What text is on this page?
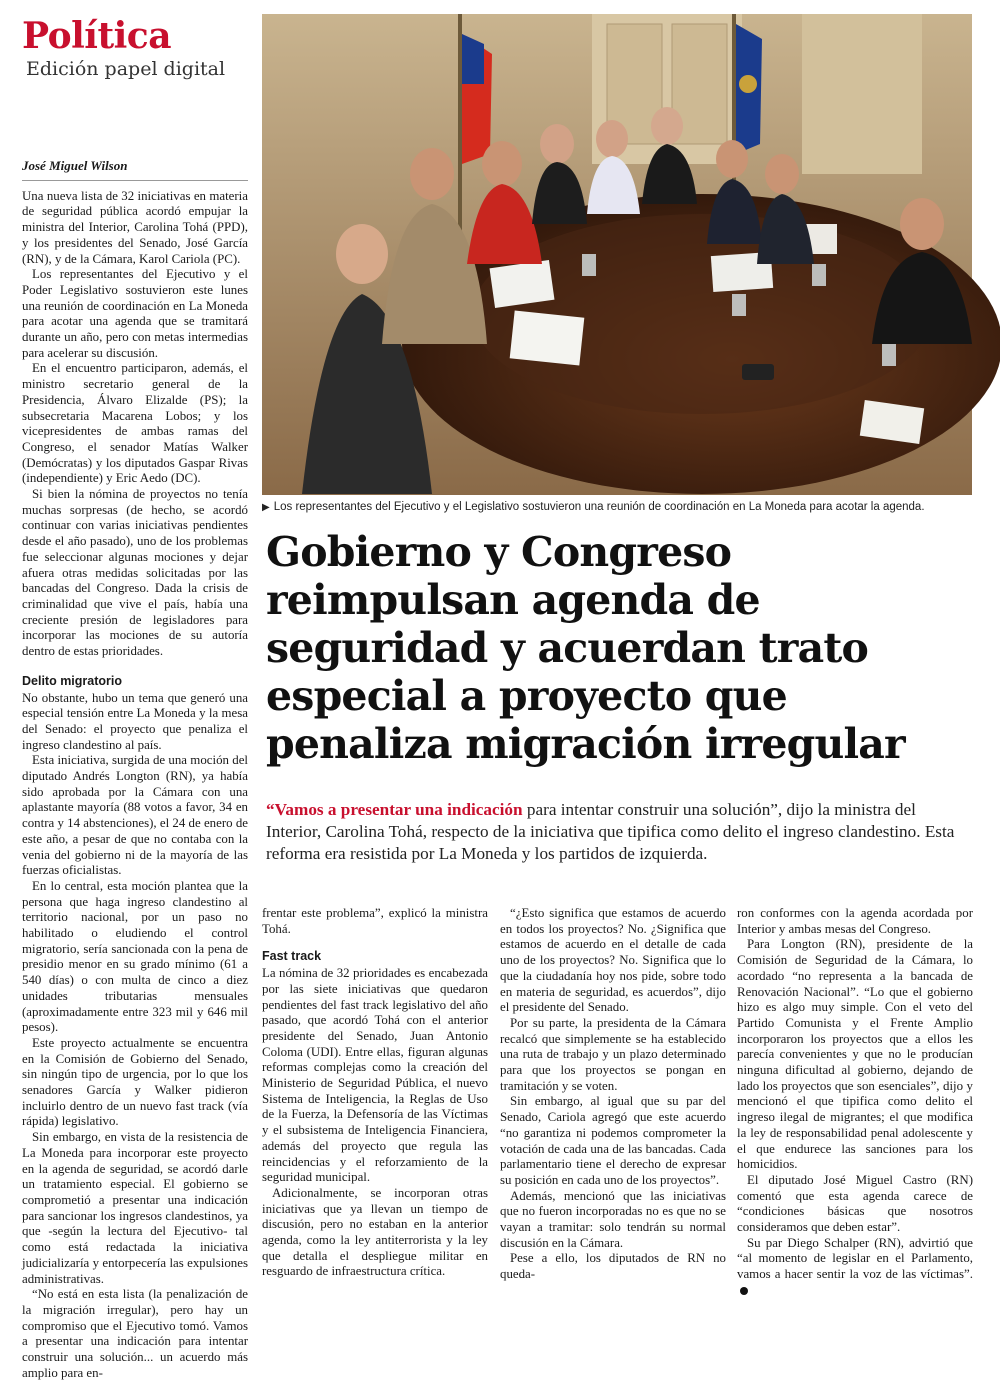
Política
Edición papel digital
José Miguel Wilson

Una nueva lista de 32 iniciativas en materia de seguridad pública acordó empujar la ministra del Interior, Carolina Tohá (PPD), y los presidentes del Senado, José García (RN), y de la Cámara, Karol Cariola (PC).

Los representantes del Ejecutivo y el Poder Legislativo sostuvieron este lunes una reunión de coordinación en La Moneda para acotar una agenda que se tramitará durante un año, pero con metas intermedias para acelerar su discusión.

En el encuentro participaron, además, el ministro secretario general de la Presidencia, Álvaro Elizalde (PS); la subsecretaria Macarena Lobos; y los vicepresidentes de ambas ramas del Congreso, el senador Matías Walker (Demócratas) y los diputados Gaspar Rivas (independiente) y Eric Aedo (DC).

Si bien la nómina de proyectos no tenía muchas sorpresas (de hecho, se acordó continuar con varias iniciativas pendientes desde el año pasado), uno de los problemas fue seleccionar algunas mociones y dejar afuera otras medidas solicitadas por las bancadas del Congreso. Dada la crisis de criminalidad que vive el país, había una creciente presión de legisladores para incorporar las mociones de su autoría dentro de estas prioridades.

Delito migratorio

No obstante, hubo un tema que generó una especial tensión entre La Moneda y la mesa del Senado: el proyecto que penaliza el ingreso clandestino al país.

Esta iniciativa, surgida de una moción del diputado Andrés Longton (RN), ya había sido aprobada por la Cámara con una aplastante mayoría (88 votos a favor, 34 en contra y 14 abstenciones), el 24 de enero de este año, a pesar de que no contaba con la venia del gobierno ni de la mayoría de las fuerzas oficialistas.

En lo central, esta moción plantea que la persona que haga ingreso clandestino al territorio nacional, por un paso no habilitado o eludiendo el control migratorio, sería sancionada con la pena de presidio menor en su grado mínimo (61 a 540 días) o con multa de cinco a diez unidades tributarias mensuales (aproximadamente entre 323 mil y 646 mil pesos).

Este proyecto actualmente se encuentra en la Comisión de Gobierno del Senado, sin ningún tipo de urgencia, por lo que los senadores García y Walker pidieron incluirlo dentro de un nuevo fast track (vía rápida) legislativo.

Sin embargo, en vista de la resistencia de La Moneda para incorporar este proyecto en la agenda de seguridad, se acordó darle un tratamiento especial. El gobierno se comprometió a presentar una indicación para sancionar los ingresos clandestinos, ya que -según la lectura del Ejecutivo- tal como está redactada la iniciativa judicializaría y entorpecería las expulsiones administrativas.

“No está en esta lista (la penalización de la migración irregular), pero hay un compromiso que el Ejecutivo tomó. Vamos a presentar una indicación para intentar construir una solución... un acuerdo más amplio para en-

▶ Los representantes del Ejecutivo y el Legislativo sostuvieron una reunión de coordinación en La Moneda para acotar la agenda.
Gobierno y Congreso reimpulsan agenda de seguridad y acuerdan trato especial a proyecto que penaliza migración irregular

“Vamos a presentar una indicación para intentar construir una solución”, dijo la ministra del Interior, Carolina Tohá, respecto de la iniciativa que tipifica como delito el ingreso clandestino. Esta reforma era resistida por La Moneda y los partidos de izquierda.

frentar este problema”, explicó la ministra Tohá.

Fast track

La nómina de 32 prioridades es encabezada por las siete iniciativas que quedaron pendientes del fast track legislativo del año pasado, que acordó Tohá con el anterior presidente del Senado, Juan Antonio Coloma (UDI). Entre ellas, figuran algunas reformas complejas como la creación del Ministerio de Seguridad Pública, el nuevo Sistema de Inteligencia, la Reglas de Uso de la Fuerza, la Defensoría de las Víctimas y el subsistema de Inteligencia Financiera, además del proyecto que regula las reincidencias y el reforzamiento de la seguridad municipal.

Adicionalmente, se incorporan otras iniciativas que ya llevan un tiempo de discusión, pero no estaban en la anterior agenda, como la ley antiterrorista y la ley que detalla el despliegue militar en resguardo de infraestructura crítica.

“¿Esto significa que estamos de acuerdo en todos los proyectos? No. ¿Significa que estamos de acuerdo en el detalle de cada uno de los proyectos? No. Significa que lo que la ciudadanía hoy nos pide, sobre todo en materia de seguridad, es acuerdos”, dijo el presidente del Senado.

Por su parte, la presidenta de la Cámara recalcó que simplemente se ha establecido una ruta de trabajo y un plazo determinado para que los proyectos se pongan en tramitación y se voten.

Sin embargo, al igual que su par del Senado, Cariola agregó que este acuerdo “no garantiza ni podemos comprometer la votación de cada una de las bancadas. Cada parlamentario tiene el derecho de expresar su posición en cada uno de los proyectos”.

Además, mencionó que las iniciativas que no fueron incorporadas no es que no se vayan a tramitar: solo tendrán su normal discusión en la Cámara.

Pese a ello, los diputados de RN no queda-

ron conformes con la agenda acordada por Interior y ambas mesas del Congreso.

Para Longton (RN), presidente de la Comisión de Seguridad de la Cámara, lo acordado “no representa a la bancada de Renovación Nacional”. “Lo que el gobierno hizo es algo muy simple. Con el veto del Partido Comunista y el Frente Amplio incorporaron los proyectos que a ellos les parecía convenientes y que no le producían ninguna dificultad al gobierno, dejando de lado los proyectos que son esenciales”, dijo y mencionó el que tipifica como delito el ingreso ilegal de migrantes; el que modifica la ley de responsabilidad penal adolescente y el que endurece las sanciones para los homicidios.

El diputado José Miguel Castro (RN) comentó que esta agenda carece de “condiciones básicas que nosotros consideramos que deben estar”.

Su par Diego Schalper (RN), advirtió que “al momento de legislar en el Parlamento, vamos a hacer sentir la voz de las víctimas”.
